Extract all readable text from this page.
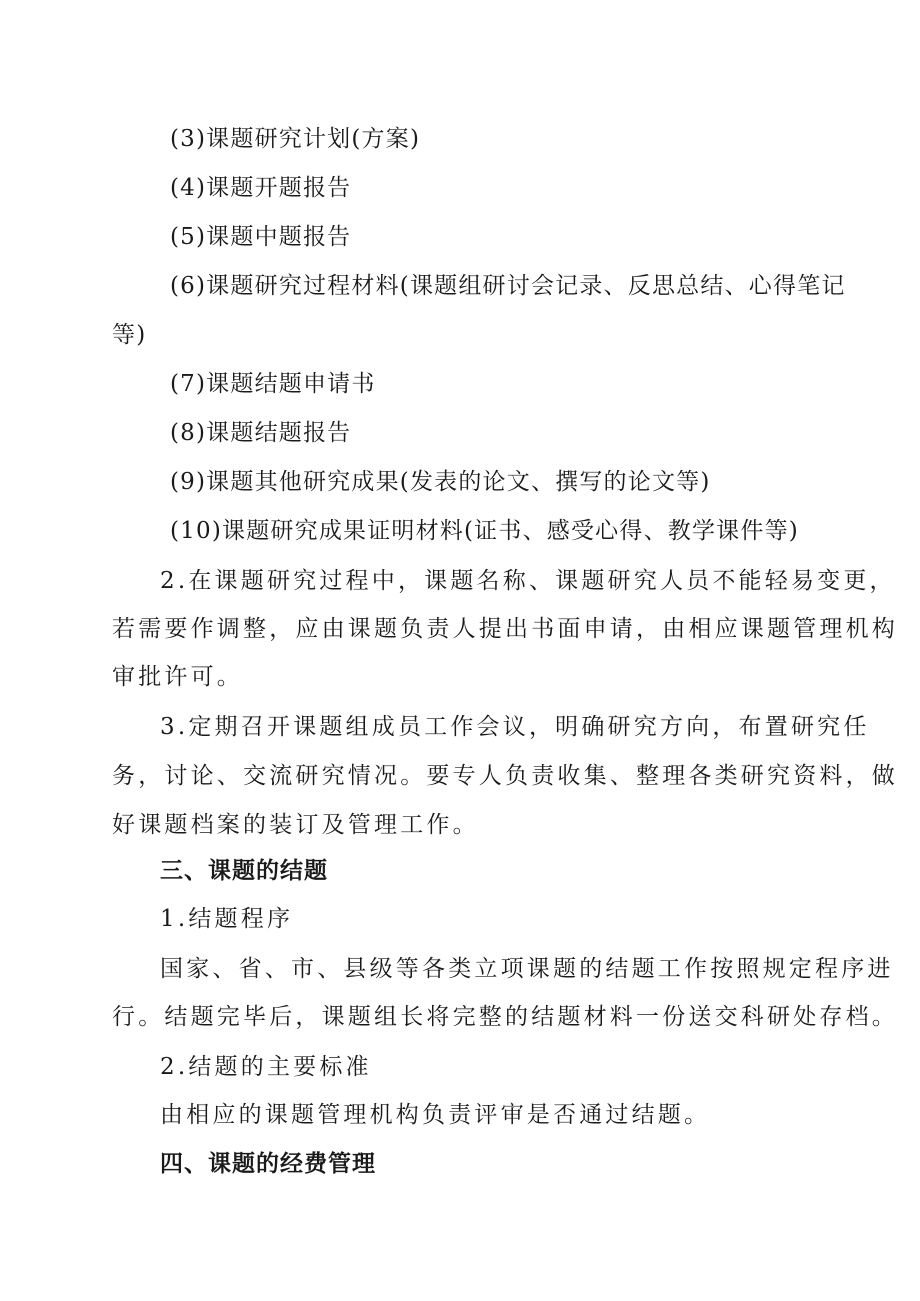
(3)课题研究计划(方案)
(4)课题开题报告
(5)课题中题报告
(6)课题研究过程材料(课题组研讨会记录、反思总结、心得笔记
等)
(7)课题结题申请书
(8)课题结题报告
(9)课题其他研究成果(发表的论文、撰写的论文等)
(10)课题研究成果证明材料(证书、感受心得、教学课件等)
2.在课题研究过程中，课题名称、课题研究人员不能轻易变更，
若需要作调整，应由课题负责人提出书面申请，由相应课题管理机构
审批许可。
3.定期召开课题组成员工作会议，明确研究方向，布置研究任
务，讨论、交流研究情况。要专人负责收集、整理各类研究资料，做
好课题档案的装订及管理工作。
三、课题的结题
1.结题程序
国家、省、市、县级等各类立项课题的结题工作按照规定程序进
行。结题完毕后，课题组长将完整的结题材料一份送交科研处存档。
2.结题的主要标准
由相应的课题管理机构负责评审是否通过结题。
四、课题的经费管理
